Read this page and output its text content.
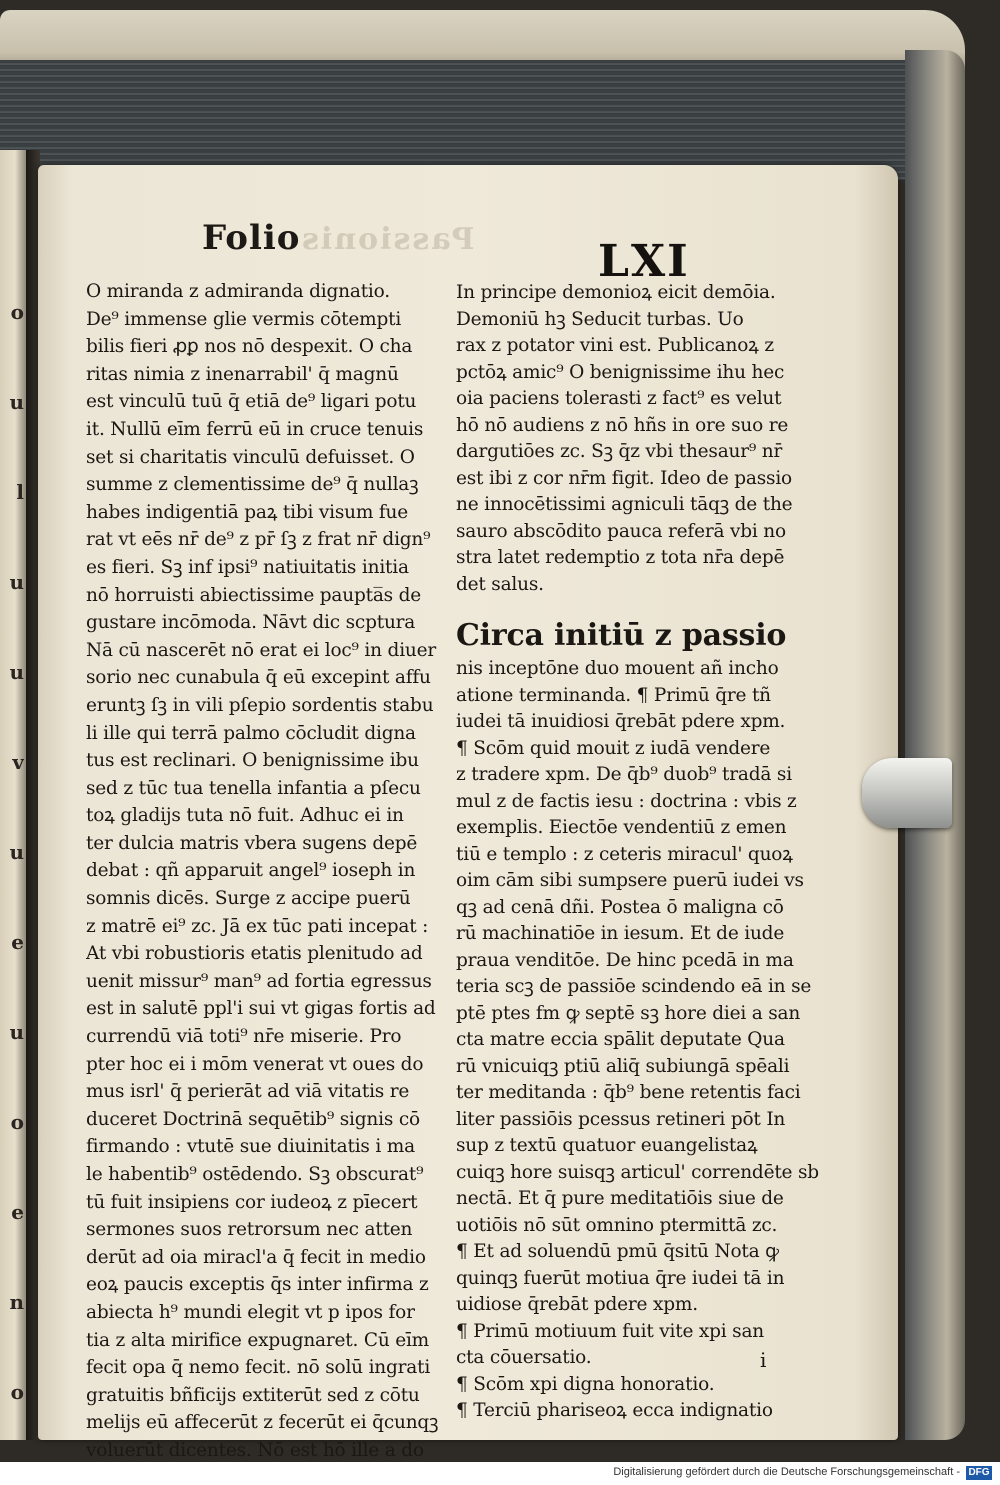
o
u
l
u
u
v
u
e
u
o
e
n
o
Folio Passionis	LXI
O miranda z admiranda dignatio.
De⁹ immense glie vermis cōtempti
bilis fieri ꝓꝑ nos nō despexit. O cha
ritas nimia z inenarrabil' q̄ magnū
est vinculū tuū q̄ etiā de⁹ ligari potu
it. Nullū eīm ferrū eū in cruce tenuis
set si charitatis vinculū defuisset. O
summe z clementissime de⁹ q̄ nullaꝫ
habes indigentiā paꝝ tibi visum fue
rat vt eēs nr̄ de⁹ z pr̄ ſꝫ z frat nr̄ dign⁹
es fieri. Sꝫ inf ipsi⁹ natiuitatis initia
nō horruisti abiectissime paupta̅s de
gustare incōmoda. Nāvt dic scptura
Nā cū nascerēt nō erat ei loc⁹ in diuer
sorio nec cunabula q̄ eū excepint affu
eruntꝫ ſꝫ in vili pſepio sordentis stabu
li ille qui terrā palmo cōcludit digna
tus est reclinari. O benignissime ibu
sed z tūc tua tenella infantia a pſecu
toꝝ gladijs tuta nō fuit. Adhuc ei in
ter dulcia matris vbera sugens depē
debat : qñ apparuit angel⁹ ioseph in
somnis dicēs. Surge z accipe puerū
z matrē ei⁹ zc. Jā ex tūc pati incepat :
At vbi robustioris etatis plenitudo ad
uenit missur⁹ man⁹ ad fortia egressus
est in salutē ppl'i sui vt gigas fortis ad
currendū viā toti⁹ nr̄e miserie. Pro
pter hoc ei i mōm venerat vt oues do
mus isrl' q̄ perierāt ad viā vitatis re
duceret Doctrinā sequētib⁹ signis cō
firmando : vtutē sue diuinitatis i ma
le habentib⁹ ostēdendo. Sꝫ obscurat⁹
tū fuit insipiens cor iudeoꝝ z pīecert
sermones suos retrorsum nec atten
derūt ad oia miracl'a q̄ fecit in medio
eoꝝ paucis exceptis q̄s inter infirma z
abiecta h⁹ mundi elegit vt p ipos for
tia z alta mirifice expugnaret. Cū eīm
fecit opa q̄ nemo fecit. nō solū ingrati
gratuitis bñficijs extiterūt sed z cōtu
melijs eū affecerūt z fecerūt ei q̄cunqꝫ
voluerūt dicentes. Nō est hō ille a do
In principe demonioꝝ eicit demōia.
Demoniū hꝫ Seducit turbas. Uo
rax z potator vini est. Publicanoꝝ z
pctōꝝ amic⁹ O benignissime ihu hec
oia paciens tolerasti z fact⁹ es velut
hō nō audiens z nō hñs in ore suo re
dargutiōes zc. Sꝫ q̄z vbi thesaur⁹ nr̄
est ibi z cor nr̄m figit. Ideo de passio
ne innocētissimi agniculi tāqꝫ de the
sauro abscōdito pauca referā vbi no
stra latet redemptio z tota nr̄a depē
det salus.
Circa initiū z passio
nis inceptōne duo mouent añ incho
atione terminanda. ¶ Primū q̄re tñ
iudei tā inuidiosi q̄rebāt pdere xpm.
¶ Scōm quid mouit z iudā vendere
z tradere xpm. De q̄b⁹ duob⁹ tradā si
mul z de factis iesu : doctrina : vbis z
exemplis. Eiectōe vendentiū z emen
tiū e templo : z ceteris miracul' quoꝝ
oim cām sibi sumpsere puerū iudei vs
qꝫ ad cenā dñi. Postea ō maligna cō
rū machinatiōe in iesum. Et de iude
praua venditōe. De hinc pcedā in ma
teria scꝫ de passiōe scindendo eā in se
ptē ptes fm ꝙ septē sꝫ hore diei a san
cta matre eccia spālit deputate Qua
rū vnicuiqꝫ ptiū aliq̄ subiungā spēali
ter meditanda : q̄b⁹ bene retentis faci
liter passiōis pcessus retineri pōt In
sup z textū quatuor euangelistaꝝ
cuiqꝫ hore suisqꝫ articul' correndēte sb
nectā. Et q̄ pure meditatiōis siue de
uotiōis nō sūt omnino ptermittā zc.
¶ Et ad soluendū pmū q̄sitū Nota ꝙ
quinqꝫ fuerūt motiua q̄re iudei tā in
uidiose q̄rebāt pdere xpm.
¶ Primū motiuum fuit vite xpi san
cta cōuersatio.
¶ Scōm xpi digna honoratio.
¶ Terciū pharisеoꝝ ecca indignatio
i
Digitalisierung gefördert durch die Deutsche Forschungsgemeinschaft - DFG
